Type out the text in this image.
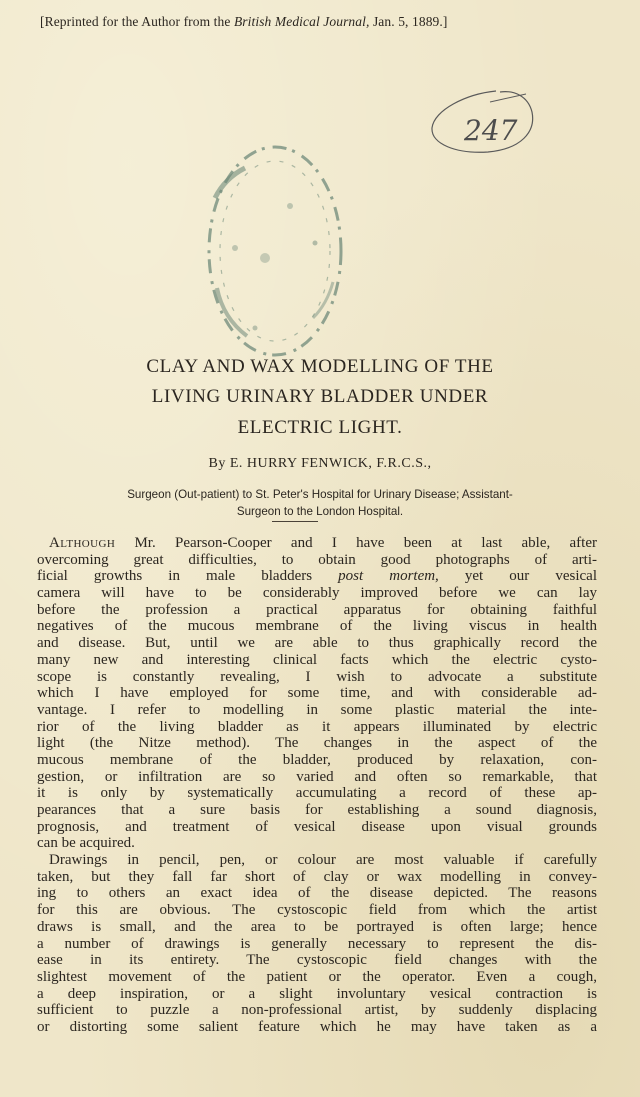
[Reprinted for the Author from the British Medical Journal, Jan. 5, 1889.]
247
CLAY AND WAX MODELLING OF THE
LIVING URINARY BLADDER UNDER
ELECTRIC LIGHT.
By E. HURRY FENWICK, F.R.C.S.,
Surgeon (Out-patient) to St. Peter's Hospital for Urinary Disease; Assistant-
Surgeon to the London Hospital.
Although Mr. Pearson-Cooper and I have been at last able, after
overcoming great difficulties, to obtain good photographs of arti-
ficial growths in male bladders post mortem, yet our vesical
camera will have to be considerably improved before we can lay
before the profession a practical apparatus for obtaining faithful
negatives of the mucous membrane of the living viscus in health
and disease. But, until we are able to thus graphically record the
many new and interesting clinical facts which the electric cysto-
scope is constantly revealing, I wish to advocate a substitute
which I have employed for some time, and with considerable ad-
vantage. I refer to modelling in some plastic material the inte-
rior of the living bladder as it appears illuminated by electric
light (the Nitze method). The changes in the aspect of the
mucous membrane of the bladder, produced by relaxation, con-
gestion, or infiltration are so varied and often so remarkable, that
it is only by systematically accumulating a record of these ap-
pearances that a sure basis for establishing a sound diagnosis,
prognosis, and treatment of vesical disease upon visual grounds
can be acquired.
Drawings in pencil, pen, or colour are most valuable if carefully
taken, but they fall far short of clay or wax modelling in convey-
ing to others an exact idea of the disease depicted. The reasons
for this are obvious. The cystoscopic field from which the artist
draws is small, and the area to be portrayed is often large; hence
a number of drawings is generally necessary to represent the dis-
ease in its entirety. The cystoscopic field changes with the
slightest movement of the patient or the operator. Even a cough,
a deep inspiration, or a slight involuntary vesical contraction is
sufficient to puzzle a non-professional artist, by suddenly displacing
or distorting some salient feature which he may have taken as a
